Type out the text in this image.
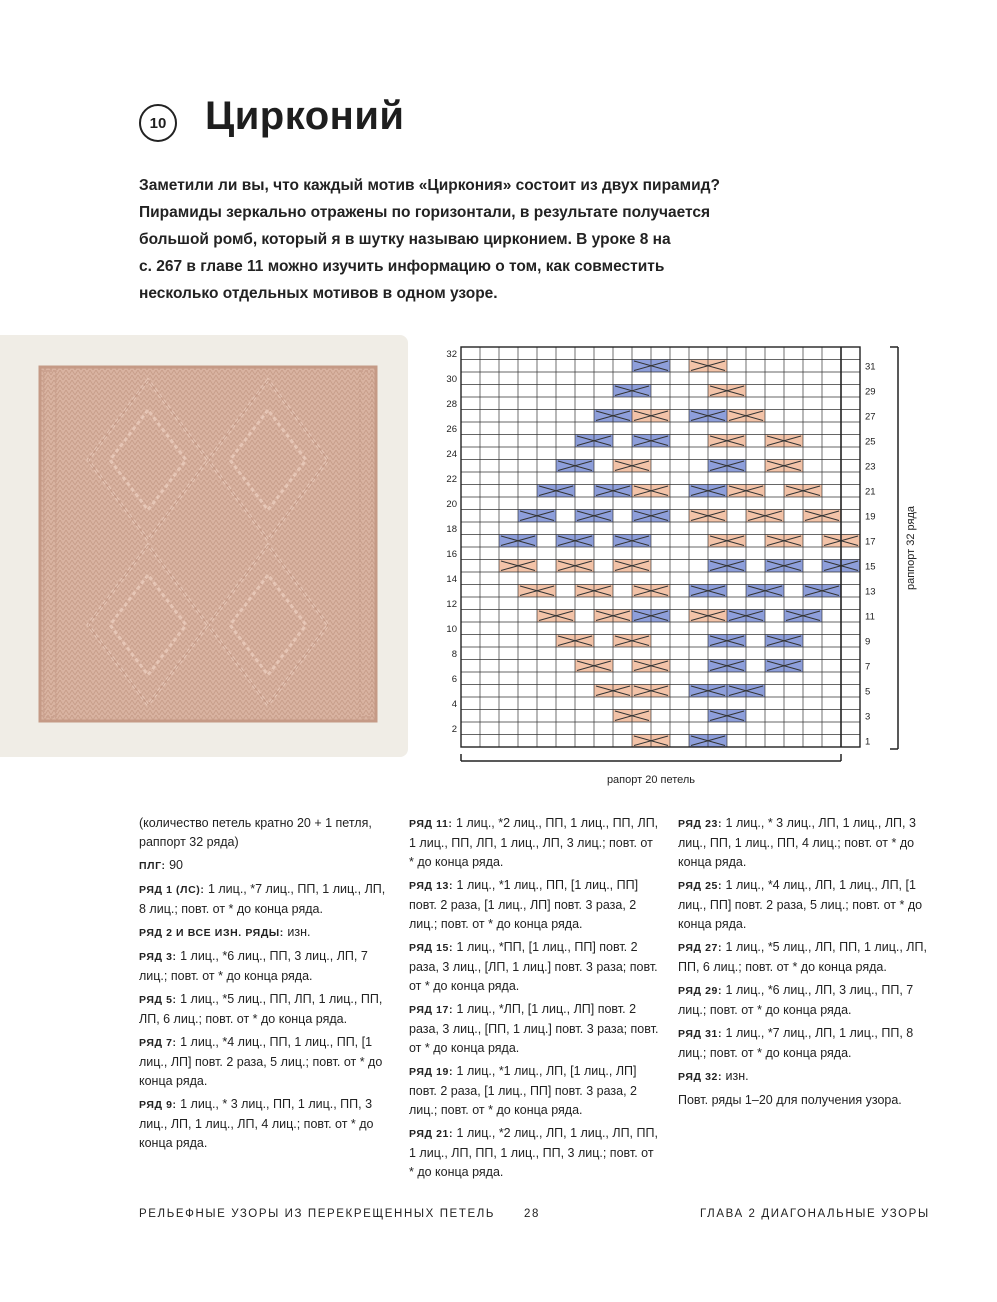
10 Цирконий

Заметили ли вы, что каждый мотив «Циркония» состоит из двух пирамид?

Пирамиды зеркально отражены по горизонтали, в результате получается

большой ромб, который я в шутку называю цирконием. В уроке 8 на

с. 267 в главе 11 можно изучить информацию о том, как совместить

несколько отдельных мотивов в одном узоре.

32
30
28
26
24
22
20
18
16
14
12
10
8
6
4
2
31
29
27
25
23
21
19
17
15
13
11
9
7
5
3
1
раппорт 32 ряда
рапорт 20 петель

(количество петель кратно 20 + 1 петля, раппорт 32 ряда)

ПЛГ: 90

РЯД 1 (ЛС): 1 лиц., *7 лиц., ПП, 1 лиц., ЛП, 8 лиц.; повт. от * до конца ряда.

РЯД 2 И ВСЕ ИЗН. РЯДЫ: изн.

РЯД 3: 1 лиц., *6 лиц., ПП, 3 лиц., ЛП, 7 лиц.; повт. от * до конца ряда.

РЯД 5: 1 лиц., *5 лиц., ПП, ЛП, 1 лиц., ПП, ЛП, 6 лиц.; повт. от * до конца ряда.

РЯД 7: 1 лиц., *4 лиц., ПП, 1 лиц., ПП, [1 лиц., ЛП] повт. 2 раза, 5 лиц.; повт. от * до конца ряда.

РЯД 9: 1 лиц., * 3 лиц., ПП, 1 лиц., ПП, 3 лиц., ЛП, 1 лиц., ЛП, 4 лиц.; повт. от * до конца ряда.

РЯД 11: 1 лиц., *2 лиц., ПП, 1 лиц., ПП, ЛП, 1 лиц., ПП, ЛП, 1 лиц., ЛП, 3 лиц.; повт. от * до конца ряда.

РЯД 13: 1 лиц., *1 лиц., ПП, [1 лиц., ПП] повт. 2 раза, [1 лиц., ЛП] повт. 3 раза, 2 лиц.; повт. от * до конца ряда.

РЯД 15: 1 лиц., *ПП, [1 лиц., ПП] повт. 2 раза, 3 лиц., [ЛП, 1 лиц.] повт. 3 раза; повт. от * до конца ряда.

РЯД 17: 1 лиц., *ЛП, [1 лиц., ЛП] повт. 2 раза, 3 лиц., [ПП, 1 лиц.] повт. 3 раза; повт. от * до конца ряда.

РЯД 19: 1 лиц., *1 лиц., ЛП, [1 лиц., ЛП] повт. 2 раза, [1 лиц., ПП] повт. 3 раза, 2 лиц.; повт. от * до конца ряда.

РЯД 21: 1 лиц., *2 лиц., ЛП, 1 лиц., ЛП, ПП, 1 лиц., ЛП, ПП, 1 лиц., ПП, 3 лиц.; повт. от * до конца ряда.

РЯД 23: 1 лиц., * 3 лиц., ЛП, 1 лиц., ЛП, 3 лиц., ПП, 1 лиц., ПП, 4 лиц.; повт. от * до конца ряда.

РЯД 25: 1 лиц., *4 лиц., ЛП, 1 лиц., ЛП, [1 лиц., ПП] повт. 2 раза, 5 лиц.; повт. от * до конца ряда.

РЯД 27: 1 лиц., *5 лиц., ЛП, ПП, 1 лиц., ЛП, ПП, 6 лиц.; повт. от * до конца ряда.

РЯД 29: 1 лиц., *6 лиц., ЛП, 3 лиц., ПП, 7 лиц.; повт. от * до конца ряда.

РЯД 31: 1 лиц., *7 лиц., ЛП, 1 лиц., ПП, 8 лиц.; повт. от * до конца ряда.

РЯД 32: изн.

Повт. ряды 1–20 для получения узора.

РЕЛЬЕФНЫЕ УЗОРЫ ИЗ ПЕРЕКРЕЩЕННЫХ ПЕТЕЛЬ	28	ГЛАВА 2 ДИАГОНАЛЬНЫЕ УЗОРЫ
